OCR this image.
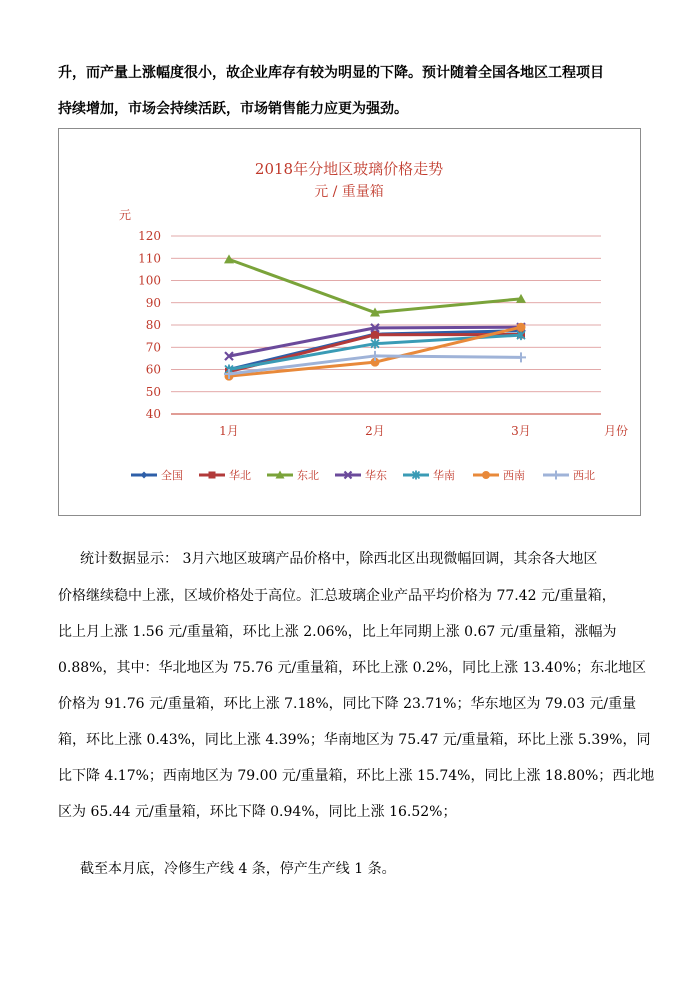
升，而产量上涨幅度很小，故企业库存有较为明显的下降。预计随着全国各地区工程项目
持续增加，市场会持续活跃，市场销售能力应更为强劲。
2018年分地区玻璃价格走势
元 / 重量箱
元
月份
40
50
60
70
80
90
100
110
120
1月	2月	3月
全国	华北	东北	华东	华南	西南	西北
统计数据显示： 3月六地区玻璃产品价格中，除西北区出现微幅回调，其余各大地区
价格继续稳中上涨，区域价格处于高位。汇总玻璃企业产品平均价格为 77.42 元/重量箱，
比上月上涨 1.56 元/重量箱，环比上涨 2.06%，比上年同期上涨 0.67 元/重量箱，涨幅为
0.88%，其中：华北地区为 75.76 元/重量箱，环比上涨 0.2%，同比上涨 13.40%；东北地区
价格为 91.76 元/重量箱，环比上涨 7.18%，同比下降 23.71%；华东地区为 79.03 元/重量
箱，环比上涨 0.43%，同比上涨 4.39%；华南地区为 75.47 元/重量箱，环比上涨 5.39%，同
比下降 4.17%；西南地区为 79.00 元/重量箱，环比上涨 15.74%，同比上涨 18.80%；西北地
区为 65.44 元/重量箱，环比下降 0.94%，同比上涨 16.52%；
截至本月底，冷修生产线 4 条，停产生产线 1 条。
